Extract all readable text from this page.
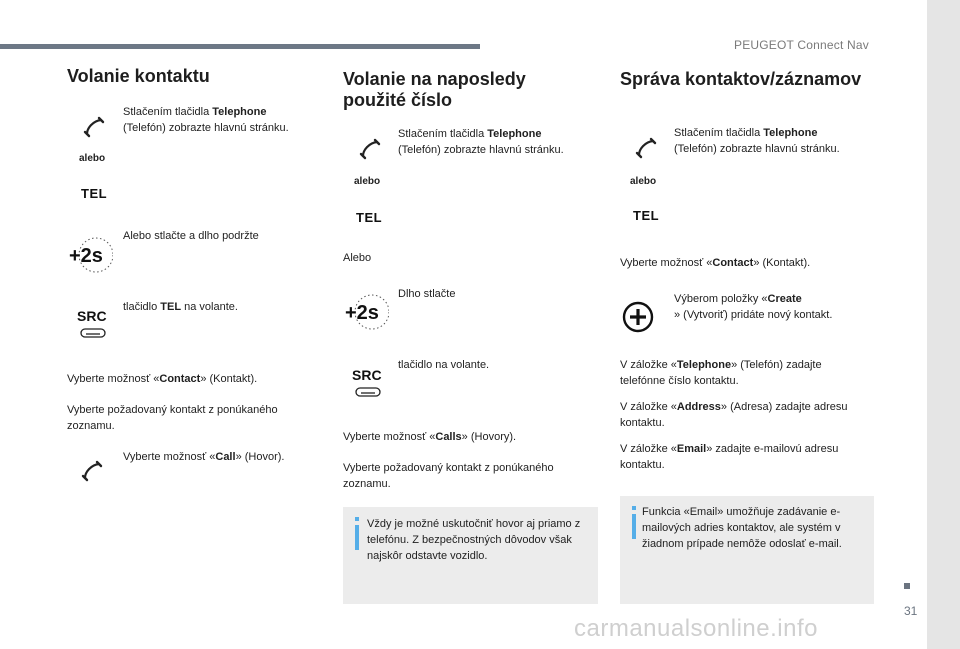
PEUGEOT Connect Nav
31
carmanualsonline.info
Volanie kontaktu
Stlačením tlačidla Telephone
(Telefón) zobrazte hlavnú stránku.
alebo
TEL
+2s
Alebo stlačte a dlho podržte
SRC
tlačidlo TEL na volante.
Vyberte možnosť «Contact» (Kontakt).
Vyberte požadovaný kontakt z ponúkaného zoznamu.
Vyberte možnosť «Call» (Hovor).
Volanie na naposledy
použité číslo
Stlačením tlačidla Telephone
(Telefón) zobrazte hlavnú stránku.
alebo
TEL
Alebo
+2s
Dlho stlačte
SRC
tlačidlo na volante.
Vyberte možnosť «Calls» (Hovory).
Vyberte požadovaný kontakt z ponúkaného zoznamu.
Vždy je možné uskutočniť hovor aj priamo z telefónu. Z bezpečnostných dôvodov však najskôr odstavte vozidlo.
Správa kontaktov/záznamov
Stlačením tlačidla Telephone
(Telefón) zobrazte hlavnú stránku.
alebo
TEL
Vyberte možnosť «Contact» (Kontakt).
Výberom položky «Create
» (Vytvoriť) pridáte nový kontakt.
V záložke «Telephone» (Telefón) zadajte telefónne číslo kontaktu.
V záložke «Address» (Adresa) zadajte adresu kontaktu.
V záložke «Email» zadajte e-mailovú adresu kontaktu.
Funkcia «Email» umožňuje zadávanie e-mailových adries kontaktov, ale systém v žiadnom prípade nemôže odoslať e-mail.
